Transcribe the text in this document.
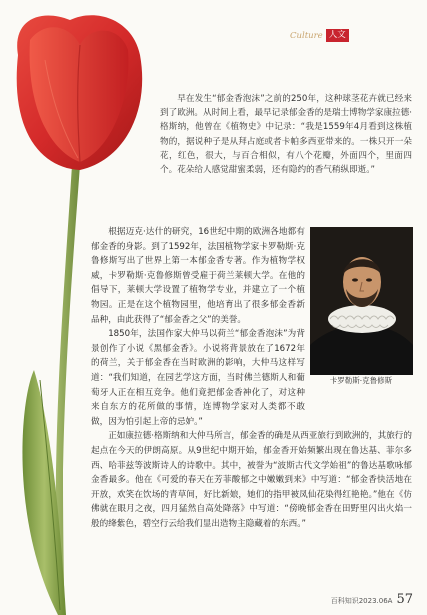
Culture 人文

早在发生“郁金香泡沫”之前的250年，这种球茎花卉就已经来到了欧洲。从时间上看，最早记录郁金香的是瑞士博物学家康拉德·格斯纳，他曾在《植物史》中记录：“我是1559年4月看到这株植物的，据说种子是从拜占庭或者卡帕多西亚带来的。一株只开一朵花，红色，很大，与百合相似，有八个花瓣，外面四个，里面四个。花朵给人感觉甜蜜柔弱，还有隐约的香气稍纵即逝。”

卡罗勒斯·克鲁修斯

根据迈克·达什的研究，16世纪中期的欧洲各地都有郁金香的身影。到了1592年，法国植物学家卡罗勒斯·克鲁修斯写出了世界上第一本郁金香专著。作为植物学权威，卡罗勒斯·克鲁修斯曾受雇于荷兰莱顿大学。在他的倡导下，莱顿大学设置了植物学专业，并建立了一个植物园。正是在这个植物园里，他培育出了很多郁金香新品种，由此获得了“郁金香之父”的美誉。

1850年，法国作家大仲马以荷兰“郁金香泡沫”为背景创作了小说《黑郁金香》。小说将背景放在了1672年的荷兰，关于郁金香在当时欧洲的影响，大仲马这样写道：“我们知道，在园艺学这方面，当时佛兰德斯人和葡萄牙人正在相互竞争。他们竟把郁金香神化了，对这种来自东方的花所做的事情，连博物学家对人类都不敢做，因为怕引起上帝的忌妒。”

正如康拉德·格斯纳和大仲马所言，郁金香的确是从西亚旅行到欧洲的，其旅行的起点在今天的伊朗高原。从9世纪中期开始，郁金香开始频繁出现在鲁达基、菲尔多西、哈菲兹等波斯诗人的诗歌中。其中，被誉为“波斯古代文学始祖”的鲁达基歌咏郁金香最多。他在《可爱的春天在芳菲酸郁之中嫩嫩到来》中写道：“郁金香快活地在开放，欢笑在饮场的青草间，好比新娘，她们的指甲被凤仙花染得红艳艳。”他在《仿佛就在眼月之夜，四月猛然自高处降落》中写道：“傍晚郁金香在田野里闪出火焰一般的绛紫色，碧空行云给我们显出造物主隐藏着的东西。”

百科知识2023.06A 57
